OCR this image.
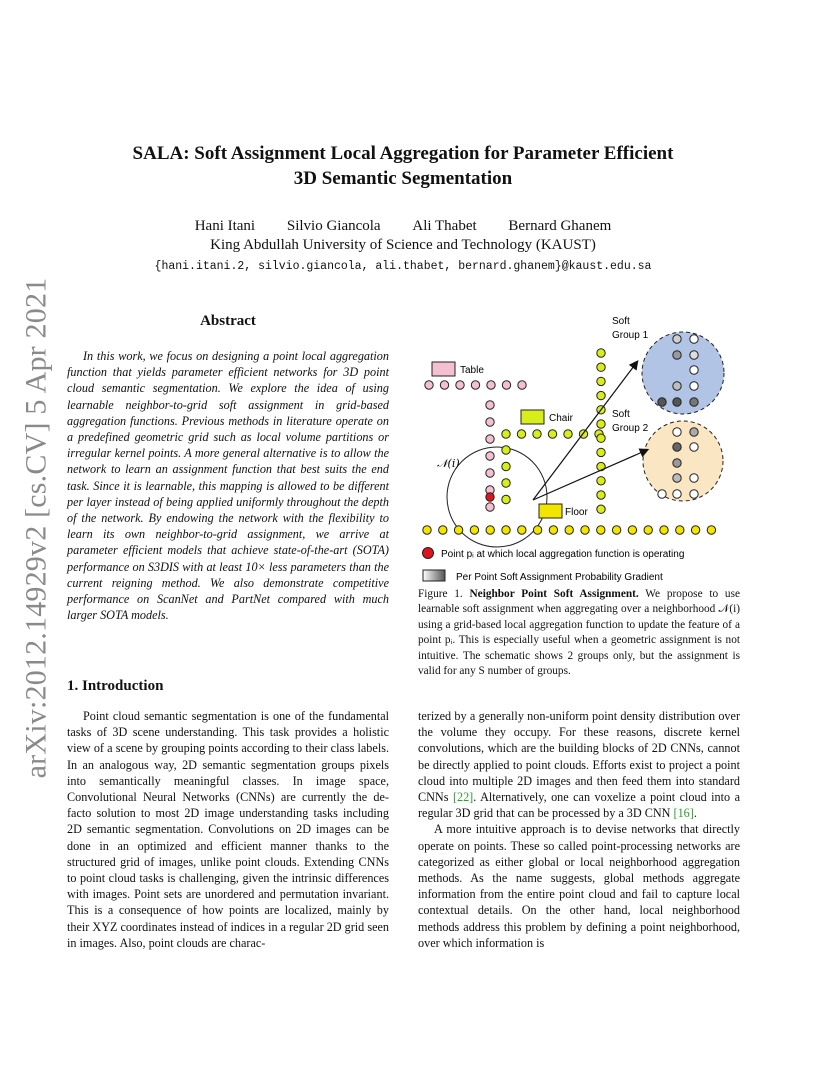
arXiv:2012.14929v2 [cs.CV] 5 Apr 2021
SALA: Soft Assignment Local Aggregation for Parameter Efficient
3D Semantic Segmentation
Hani Itani Silvio Giancola Ali Thabet Bernard Ghanem
King Abdullah University of Science and Technology (KAUST)
{hani.itani.2, silvio.giancola, ali.thabet, bernard.ghanem}@kaust.edu.sa
Abstract
In this work, we focus on designing a point local aggregation function that yields parameter efficient networks for 3D point cloud semantic segmentation. We explore the idea of using learnable neighbor-to-grid soft assignment in grid-based aggregation functions. Previous methods in literature operate on a predefined geometric grid such as local volume partitions or irregular kernel points. A more general alternative is to allow the network to learn an assignment function that best suits the end task. Since it is learnable, this mapping is allowed to be different per layer instead of being applied uniformly throughout the depth of the network. By endowing the network with the flexibility to learn its own neighbor-to-grid assignment, we arrive at parameter efficient models that achieve state-of-the-art (SOTA) performance on S3DIS with at least 10× less parameters than the current reigning method. We also demonstrate competitive performance on ScanNet and PartNet compared with much larger SOTA models.
1. Introduction

Point cloud semantic segmentation is one of the fundamental tasks of 3D scene understanding. This task provides a holistic view of a scene by grouping points according to their class labels. In an analogous way, 2D semantic segmentation groups pixels into semantically meaningful classes. In image space, Convolutional Neural Networks (CNNs) are currently the de-facto solution to most 2D image understanding tasks including 2D semantic segmentation. Convolutions on 2D images can be done in an optimized and efficient manner thanks to the structured grid of images, unlike point clouds. Extending CNNs to point cloud tasks is challenging, given the intrinsic differences with images. Point sets are unordered and permutation invariant. This is a consequence of how points are localized, mainly by their XYZ coordinates instead of indices in a regular 2D grid seen in images. Also, point clouds are charac-

terized by a generally non-uniform point density distribution over the volume they occupy. For these reasons, discrete kernel convolutions, which are the building blocks of 2D CNNs, cannot be directly applied to point clouds. Efforts exist to project a point cloud into multiple 2D images and then feed them into standard CNNs [22]. Alternatively, one can voxelize a point cloud into a regular 3D grid that can be processed by a 3D CNN [16].

A more intuitive approach is to devise networks that directly operate on points. These so called point-processing networks are categorized as either global or local neighborhood aggregation methods. As the name suggests, global methods aggregate information from the entire point cloud and fail to capture local contextual details. On the other hand, local neighborhood methods address this problem by defining a point neighborhood, over which information is

Table
Chair
Floor
Soft
Group 1
Soft
Group 2
𝒩(i)
Point pᵢ at which local aggregation function is operating
Per Point Soft Assignment Probability Gradient
Figure 1. Neighbor Point Soft Assignment. We propose to use learnable soft assignment when aggregating over a neighborhood 𝒩(i) using a grid-based local aggregation function to update the feature of a point pᵢ. This is especially useful when a geometric assignment is not intuitive. The schematic shows 2 groups only, but the assignment is valid for any S number of groups.
